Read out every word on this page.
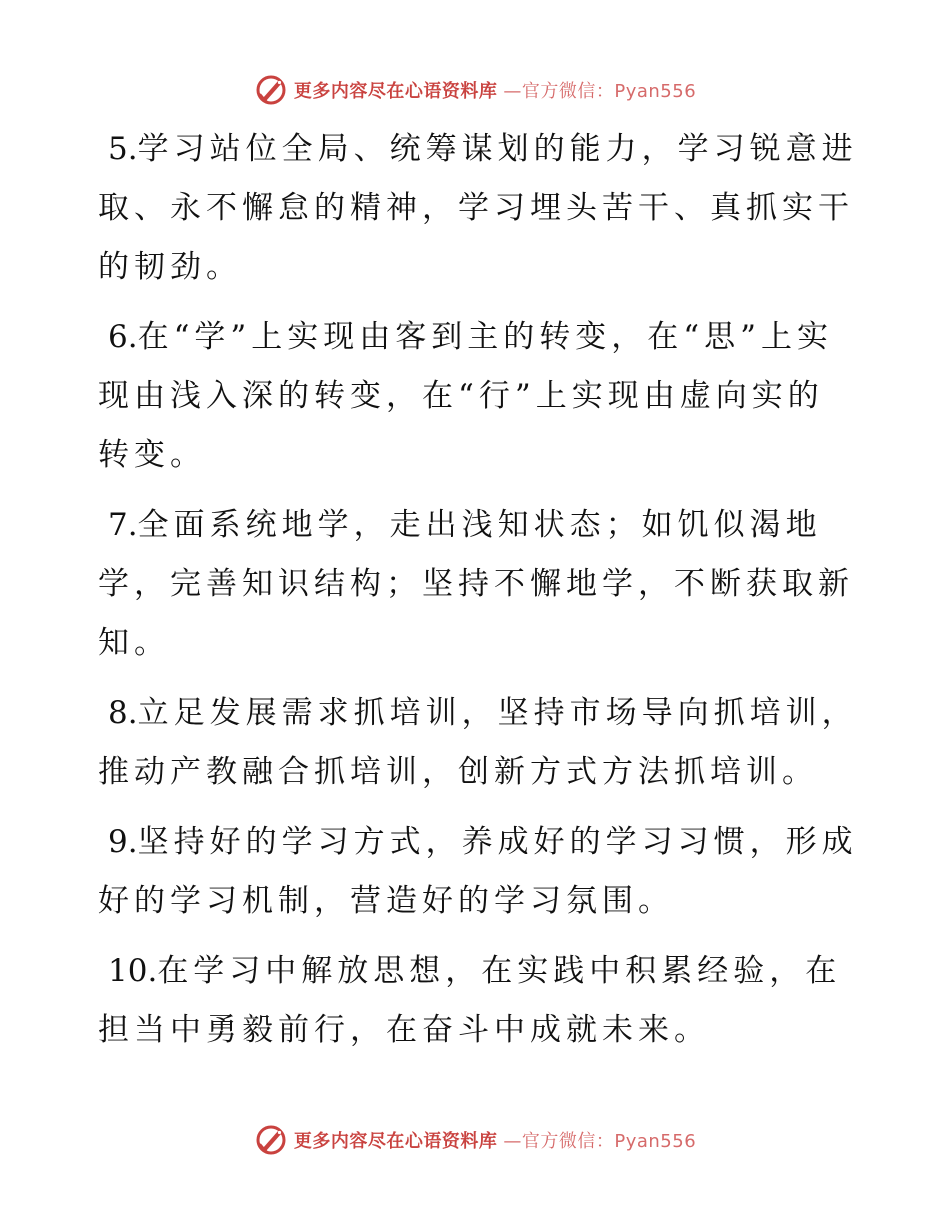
更多内容尽在心语资料库 —官方微信：Pyan556

5.学习站位全局、统筹谋划的能力，学习锐意进取、永不懈怠的精神，学习埋头苦干、真抓实干的韧劲。

6.在“学”上实现由客到主的转变，在“思”上实现由浅入深的转变，在“行”上实现由虚向实的转变。

7.全面系统地学，走出浅知状态；如饥似渴地学，完善知识结构；坚持不懈地学，不断获取新知。

8.立足发展需求抓培训，坚持市场导向抓培训，推动产教融合抓培训，创新方式方法抓培训。

9.坚持好的学习方式，养成好的学习习惯，形成好的学习机制，营造好的学习氛围。

10.在学习中解放思想，在实践中积累经验，在担当中勇毅前行，在奋斗中成就未来。

更多内容尽在心语资料库 —官方微信：Pyan556
